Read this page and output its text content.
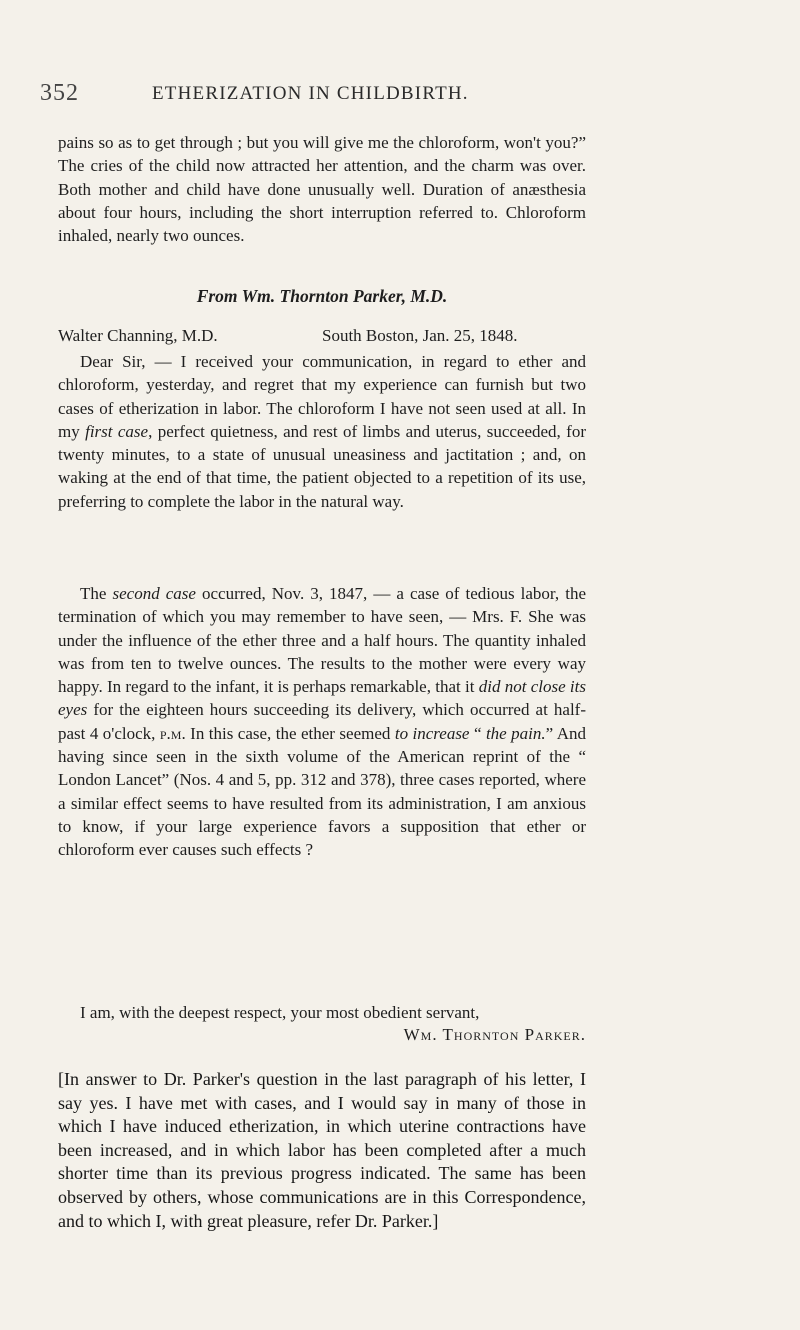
352	ETHERIZATION IN CHILDBIRTH.

pains so as to get through ; but you will give me the chloroform, won't you?” The cries of the child now attracted her attention, and the charm was over. Both mother and child have done unusually well. Duration of anæsthesia about four hours, including the short interruption referred to. Chloroform inhaled, nearly two ounces.

From Wm. Thornton Parker, M.D.
Walter Channing, M.D.	South Boston, Jan. 25, 1848.

Dear Sir, — I received your communication, in regard to ether and chloroform, yesterday, and regret that my experience can furnish but two cases of etherization in labor. The chloroform I have not seen used at all. In my first case, perfect quietness, and rest of limbs and uterus, succeeded, for twenty minutes, to a state of unusual uneasiness and jactitation ; and, on waking at the end of that time, the patient objected to a repetition of its use, preferring to complete the labor in the natural way.

The second case occurred, Nov. 3, 1847, — a case of tedious labor, the termination of which you may remember to have seen, — Mrs. F. She was under the influence of the ether three and a half hours. The quantity inhaled was from ten to twelve ounces. The results to the mother were every way happy. In regard to the infant, it is perhaps remarkable, that it did not close its eyes for the eighteen hours succeeding its delivery, which occurred at half-past 4 o'clock, p.m. In this case, the ether seemed to increase “ the pain.” And having since seen in the sixth volume of the American reprint of the “ London Lancet” (Nos. 4 and 5, pp. 312 and 378), three cases reported, where a similar effect seems to have resulted from its administration, I am anxious to know, if your large experience favors a supposition that ether or chloroform ever causes such effects ?

I am, with the deepest respect, your most obedient servant,

Wm. Thornton Parker.

[In answer to Dr. Parker's question in the last paragraph of his letter, I say yes. I have met with cases, and I would say in many of those in which I have induced etherization, in which uterine contractions have been increased, and in which labor has been completed after a much shorter time than its previous progress indicated. The same has been observed by others, whose communications are in this Correspondence, and to which I, with great pleasure, refer Dr. Parker.]
